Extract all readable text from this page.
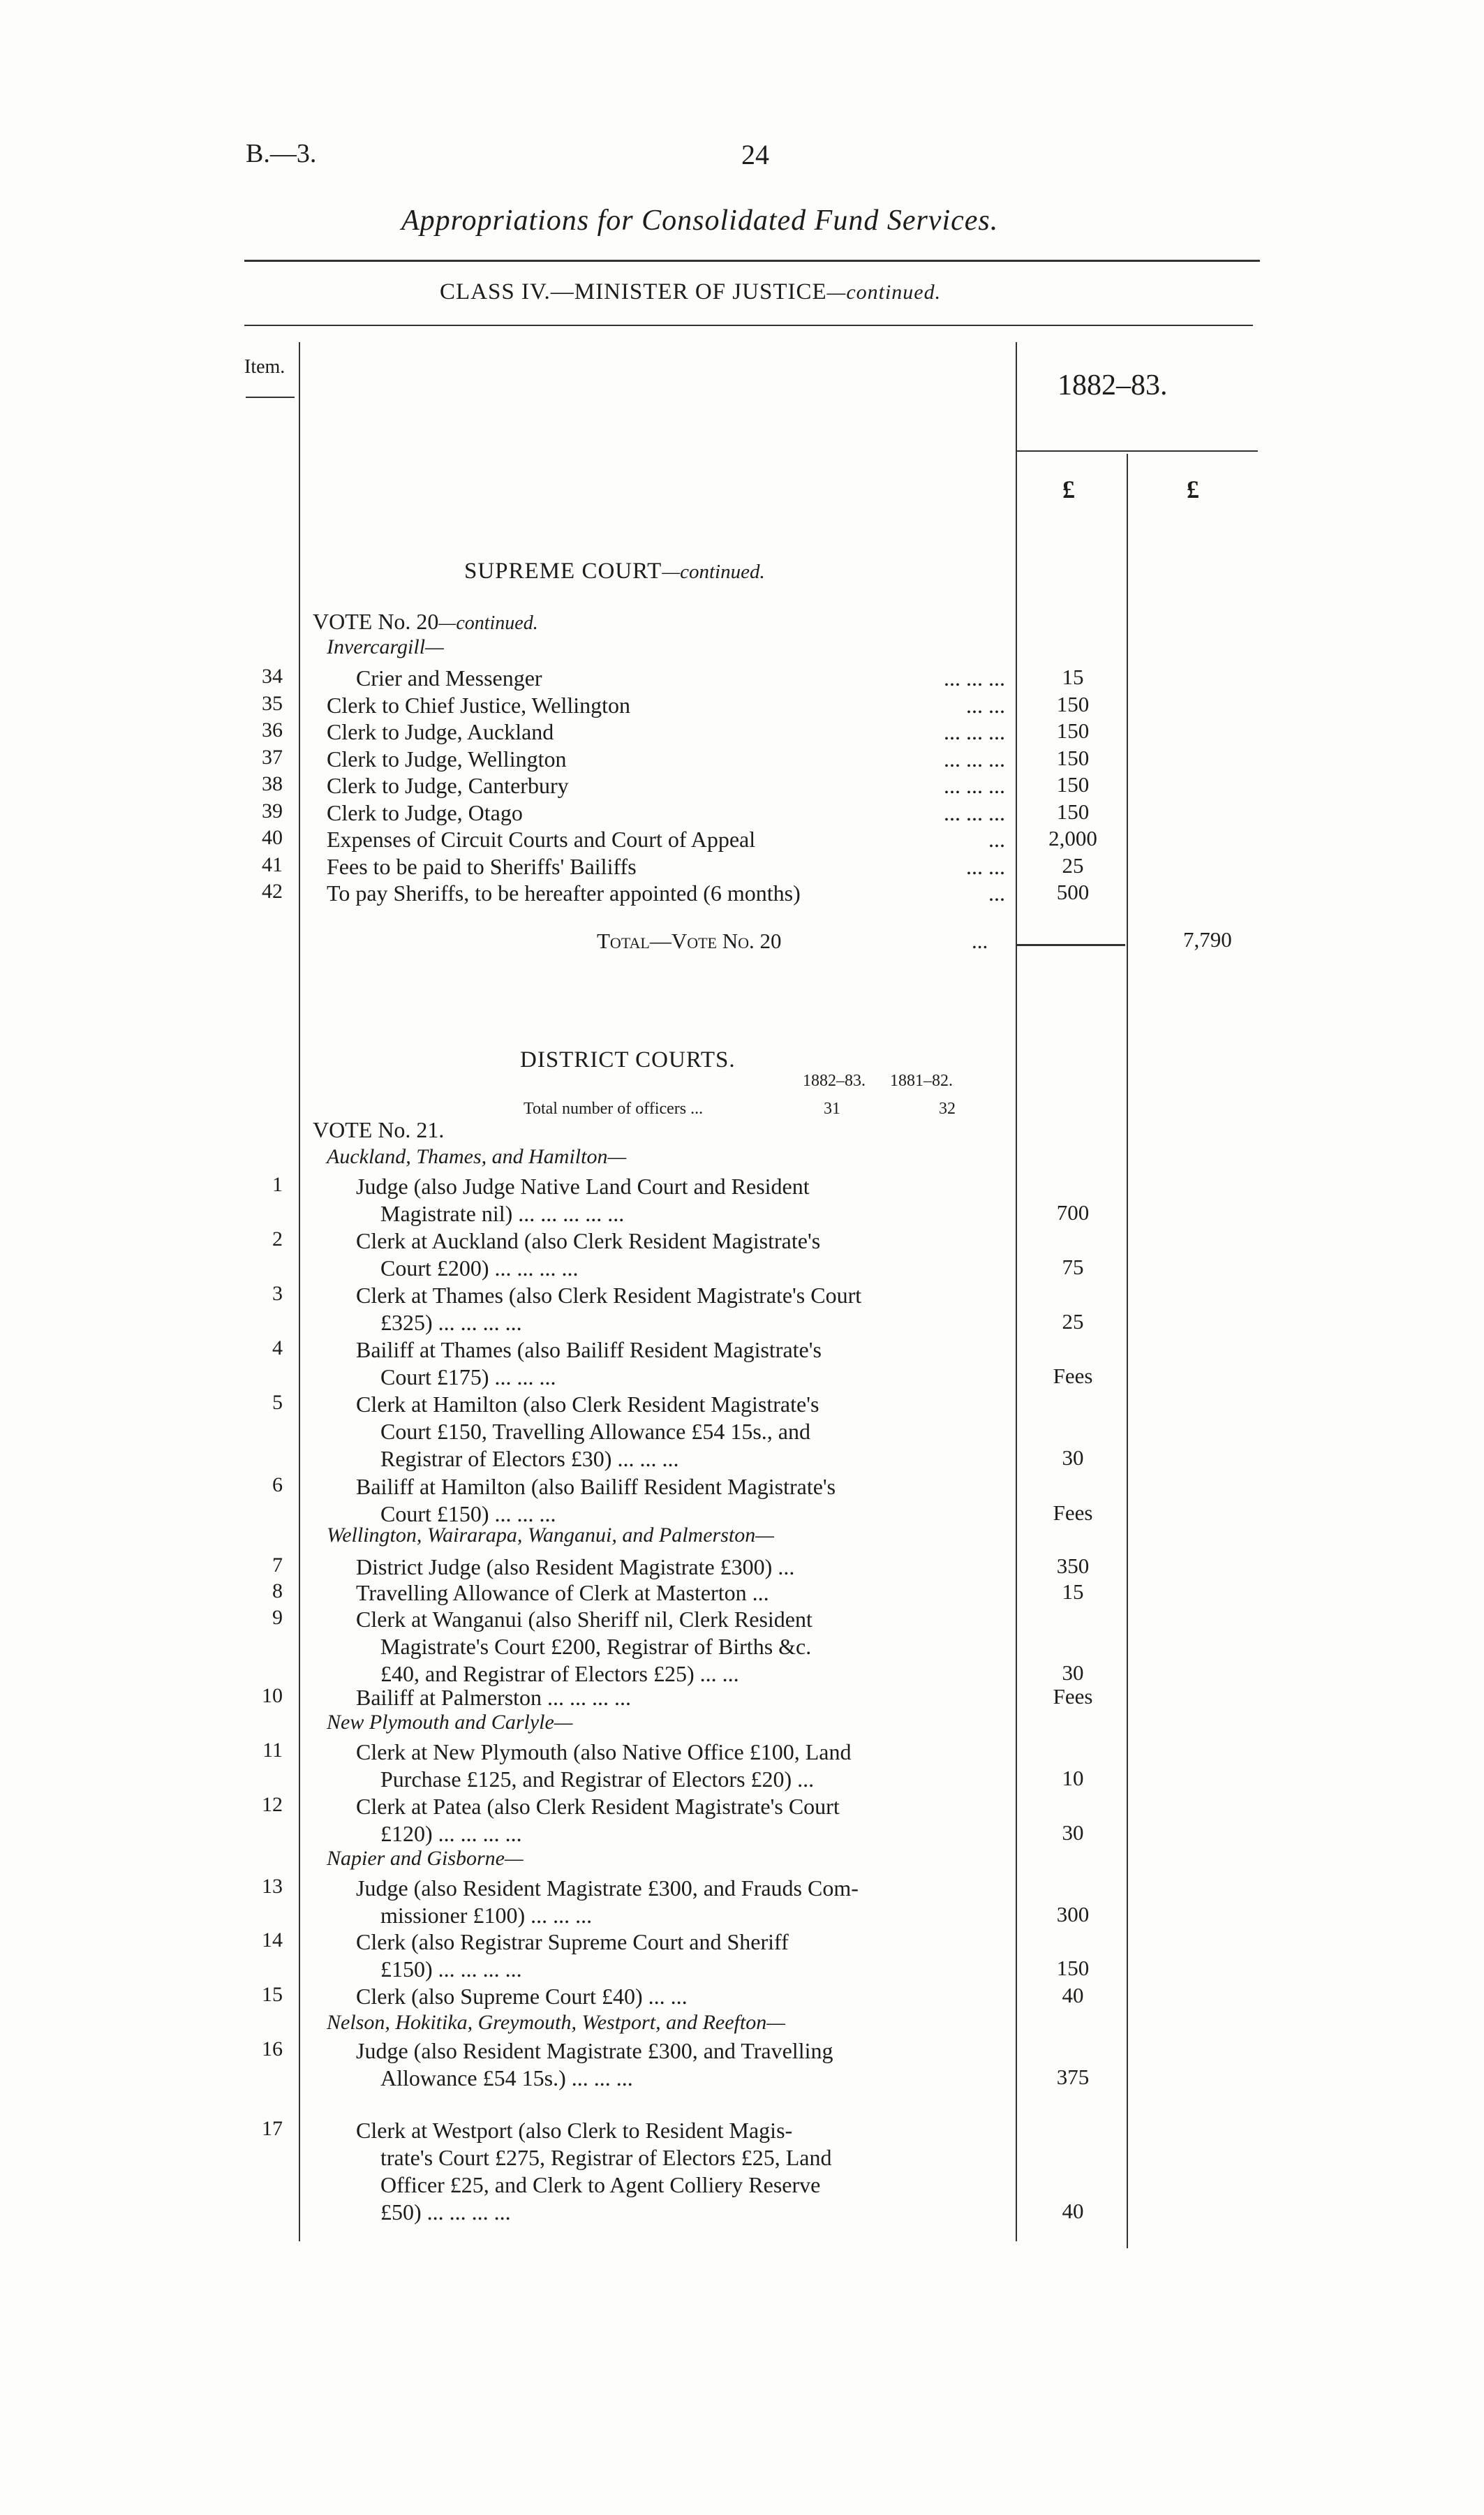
B.—3.	24
Appropriations for Consolidated Fund Services.
CLASS IV.—MINISTER OF JUSTICE—continued.
Item.
1882–83.
£	£
SUPREME COURT—continued.
VOTE No. 20—continued.
Invercargill—
34	Crier and Messenger	... ... ...	15
35 Clerk to Chief Justice, Wellington	... ...	150
36 Clerk to Judge, Auckland	... ... ...	150
37 Clerk to Judge, Wellington	... ... ...	150
38 Clerk to Judge, Canterbury	... ... ...	150
39 Clerk to Judge, Otago	... ... ...	150
40 Expenses of Circuit Courts and Court of Appeal	...	2,000
41 Fees to be paid to Sheriffs' Bailiffs	... ...	25
42 To pay Sheriffs, to be hereafter appointed (6 months)	...	500
Total—Vote No. 20	...	7,790
DISTRICT COURTS.
1882–83. 1881–82.
Total number of officers ...	31	32
VOTE No. 21.
Auckland, Thames, and Hamilton—
Wellington, Wairarapa, Wanganui, and Palmerston—
New Plymouth and Carlyle—
Napier and Gisborne—
Nelson, Hokitika, Greymouth, Westport, and Reefton—
1	Judge (also Judge Native Land Court and Resident
Magistrate nil) ... ... ... ... ...	700
2	Clerk at Auckland (also Clerk Resident Magistrate's
Court £200) ... ... ... ...	75
3	Clerk at Thames (also Clerk Resident Magistrate's Court
£325) ... ... ... ...	25
4	Bailiff at Thames (also Bailiff Resident Magistrate's
Court £175) ... ... ...	Fees
5	Clerk at Hamilton (also Clerk Resident Magistrate's
Court £150, Travelling Allowance £54 15s., and
Registrar of Electors £30) ... ... ...	30
6	Bailiff at Hamilton (also Bailiff Resident Magistrate's
Court £150) ... ... ...	Fees
7	District Judge (also Resident Magistrate £300) ...	350
8	Travelling Allowance of Clerk at Masterton ...	15
9	Clerk at Wanganui (also Sheriff nil, Clerk Resident
Magistrate's Court £200, Registrar of Births &c.
£40, and Registrar of Electors £25) ... ...	30
10	Bailiff at Palmerston ... ... ... ...	Fees
11	Clerk at New Plymouth (also Native Office £100, Land
Purchase £125, and Registrar of Electors £20) ...	10
12	Clerk at Patea (also Clerk Resident Magistrate's Court
£120) ... ... ... ...	30
13	Judge (also Resident Magistrate £300, and Frauds Com-
missioner £100) ... ... ...	300
14	Clerk (also Registrar Supreme Court and Sheriff
£150) ... ... ... ...	150
15	Clerk (also Supreme Court £40) ... ...	40
16	Judge (also Resident Magistrate £300, and Travelling
Allowance £54 15s.) ... ... ...	375
17	Clerk at Westport (also Clerk to Resident Magis-
trate's Court £275, Registrar of Electors £25, Land
Officer £25, and Clerk to Agent Colliery Reserve
£50) ... ... ... ...	40
